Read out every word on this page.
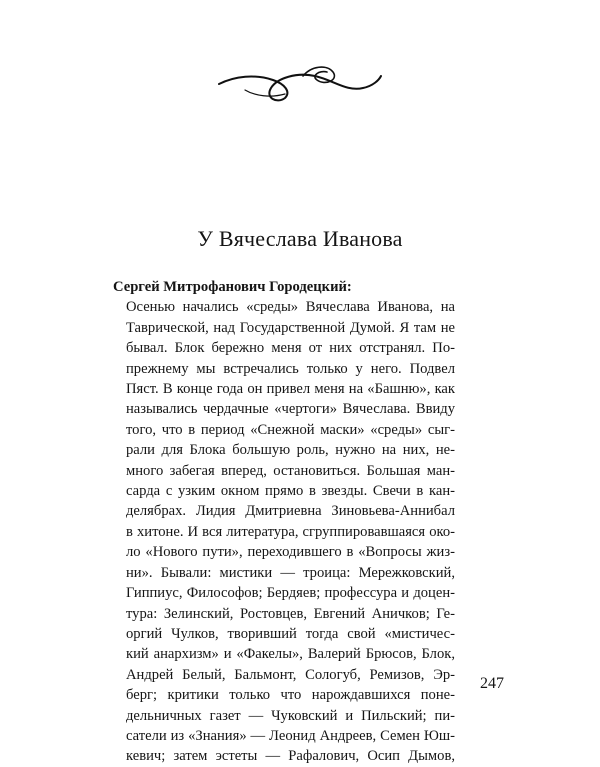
У Вячеслава Иванова
Сергей Митрофанович Городецкий:
Осенью начались «среды» Вячеслава Иванова, на
Таврической, над Государственной Думой. Я там не
бывал. Блок бережно меня от них отстранял. По-
прежнему мы встречались только у него. Подвел
Пяст. В конце года он привел меня на «Башню», как
назывались чердачные «чертоги» Вячеслава. Ввиду
того, что в период «Снежной маски» «среды» сыг-
рали для Блока большую роль, нужно на них, не-
много забегая вперед, остановиться. Большая ман-
сарда с узким окном прямо в звезды. Свечи в кан-
делябрах. Лидия Дмитриевна Зиновьева-Аннибал
в хитоне. И вся литература, сгруппировавшаяся око-
ло «Нового пути», переходившего в «Вопросы жиз-
ни». Бывали: мистики — троица: Мережковский,
Гиппиус, Философов; Бердяев; профессура и доцен-
тура: Зелинский, Ростовцев, Евгений Аничков; Ге-
оргий Чулков, творивший тогда свой «мистичес-
кий анархизм» и «Факелы», Валерий Брюсов, Блок,
Андрей Белый, Бальмонт, Сологуб, Ремизов, Эр-
берг; критики только что нарождавшихся поне-
дельничных газет — Чуковский и Пильский; пи-
сатели из «Знания» — Леонид Андреев, Семен Юш-
кевич; затем эстеты — Рафалович, Осип Дымов,
247
